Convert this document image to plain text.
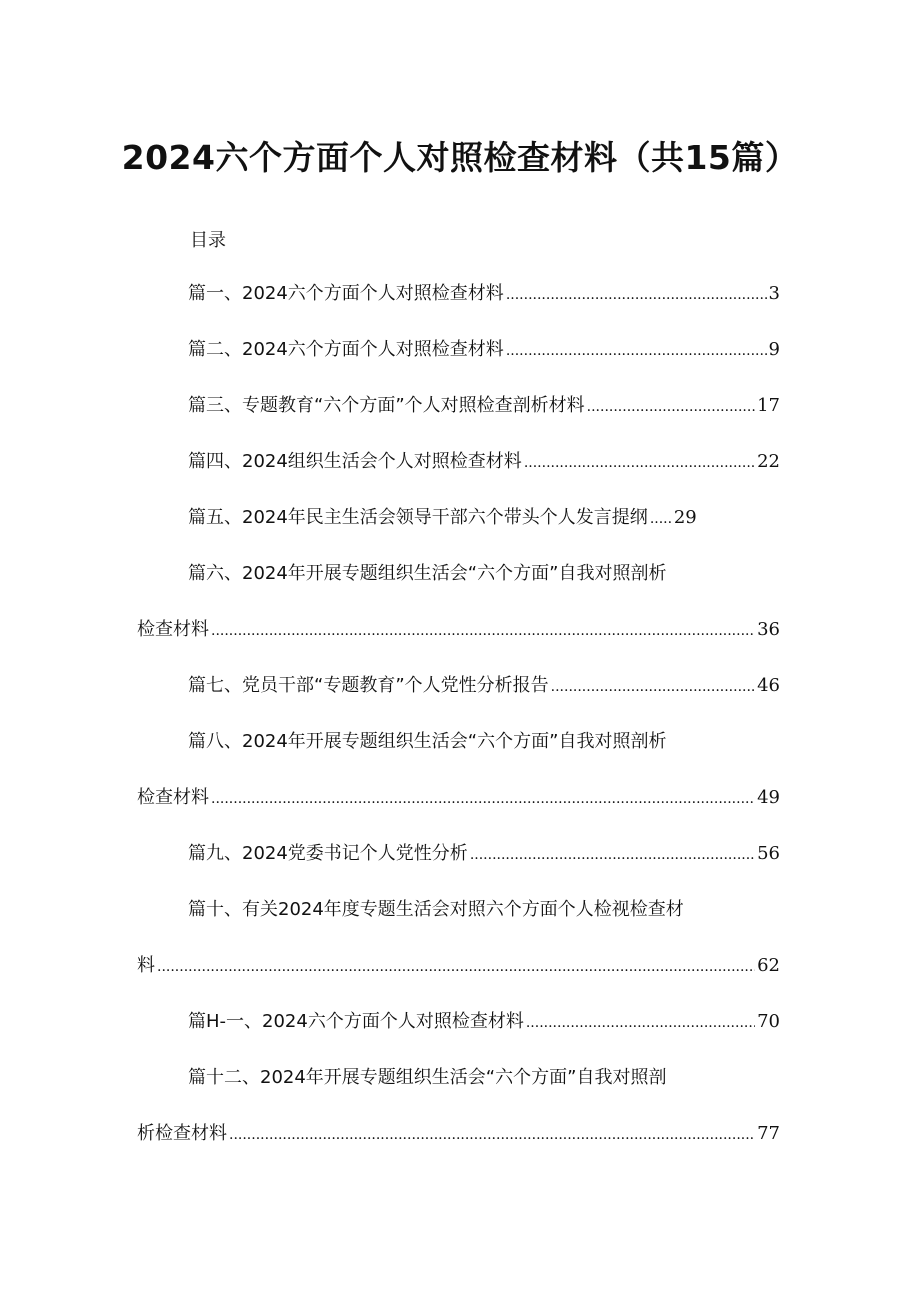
2024六个方面个人对照检查材料（共15篇）
目录
篇一、2024六个方面个人对照检查材料 .....	3
篇二、2024六个方面个人对照检查材料 .....	9
篇三、专题教育“六个方面”个人对照检查剖析材料 .....	17
篇四、2024组织生活会个人对照检查材料 .....	22
篇五、2024年民主生活会领导干部六个带头个人发言提纲 ..... 29
篇六、2024年开展专题组织生活会“六个方面”自我对照剖析
检查材料 .....	36
篇七、党员干部“专题教育”个人党性分析报告 .....	46
篇八、2024年开展专题组织生活会“六个方面”自我对照剖析
检查材料 .....	49
篇九、2024党委书记个人党性分析 .....	56
篇十、有关2024年度专题生活会对照六个方面个人检视检查材
料 .....	62
篇H-一、2024六个方面个人对照检查材料 .....	70
篇十二、2024年开展专题组织生活会“六个方面”自我对照剖
析检查材料 .....	77
